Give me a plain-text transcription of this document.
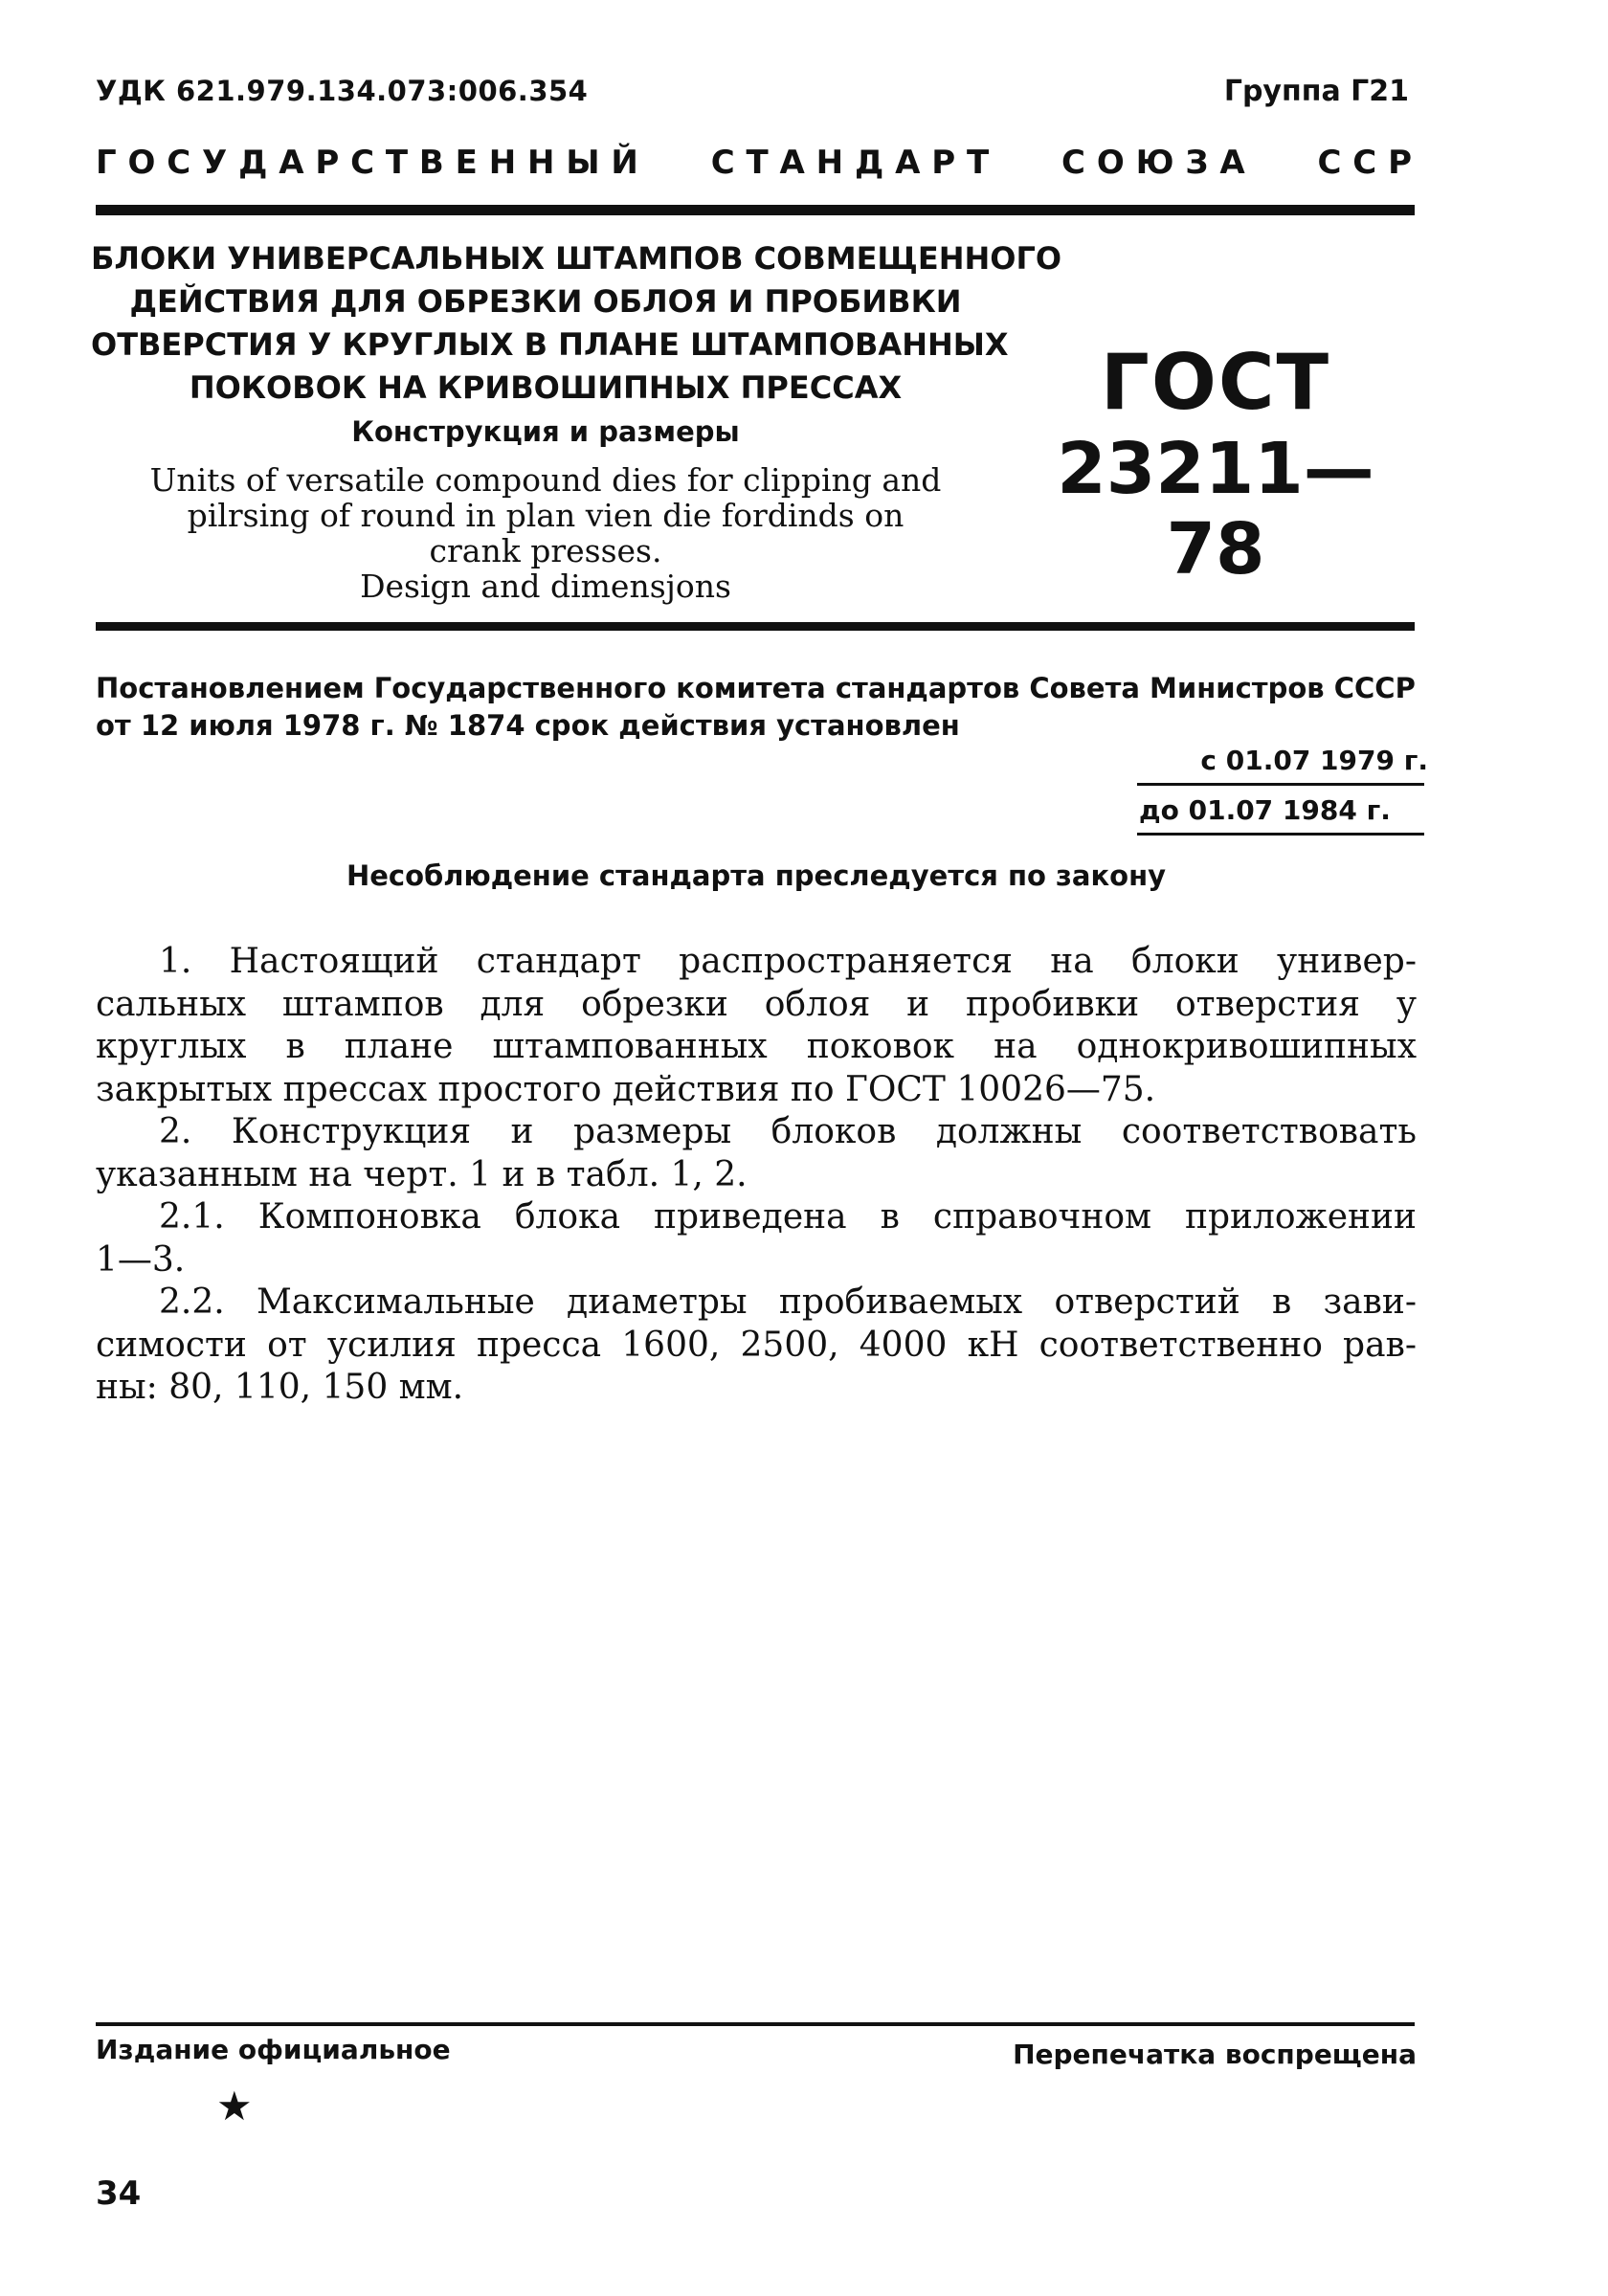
УДК 621.979.134.073:006.354	Группа Г21
Г О С У Д А Р С Т В Е Н Н Ы Й С Т А Н Д А Р Т С О Ю З А С С Р
БЛОКИ УНИВЕРСАЛЬНЫХ ШТАМПОВ СОВМЕЩЕННОГО
ДЕЙСТВИЯ ДЛЯ ОБРЕЗКИ ОБЛОЯ И ПРОБИВКИ
ОТВЕРСТИЯ У КРУГЛЫХ В ПЛАНЕ ШТАМПОВАННЫХ
ПОКОВОК НА КРИВОШИПНЫХ ПРЕССАХ
Конструкция и размеры
Units of versatile compound dies for clipping and
pilrsing of round in plan vien die fordinds on
crank presses.
Design and dimensjons
ГОСТ
23211—78
Постановлением Государственного комитета стандартов Совета Министров СССР
от 12 июля 1978 г. № 1874 срок действия установлен
с 01.07 1979 г.
до 01.07 1984 г.
Несоблюдение стандарта преследуется по закону
1. Настоящий стандарт распространяется на блоки универ-
сальных штампов для обрезки облоя и пробивки отверстия у
круглых в плане штампованных поковок на однокривошипных
закрытых прессах простого действия по ГОСТ 10026—75.
2. Конструкция и размеры блоков должны соответствовать
указанным на черт. 1 и в табл. 1, 2.
2.1. Компоновка блока приведена в справочном приложении
1—3.
2.2. Максимальные диаметры пробиваемых отверстий в зави-
симости от усилия пресса 1600, 2500, 4000 кН соответственно рав-
ны: 80, 110, 150 мм.
Издание официальное	Перепечатка воспрещена
★
34
